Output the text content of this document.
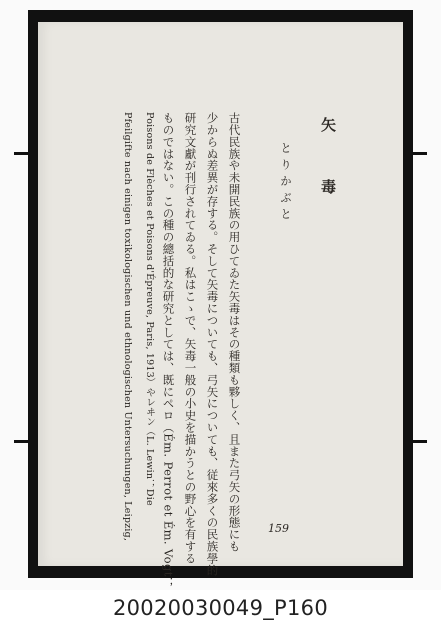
矢　毒
とりかぶと
古代民族や未開民族の用ひてゐた矢毒はその種類も夥しく、且また弓矢の形態にも
少からぬ差異が存する。そして矢毒についても、弓矢についても、従來多くの民族學的
研究文獻が刊行されてゐる。私はこゝで、矢毒一般の小史を描かうとの野心を有する
ものではない。この種の總括的な研究としては、既にペロ（Ém. Perrot et Ém. Vogt；
Poisons de Flèches et Poisons d'Épreuve, Paris, 1913）やレヰン（L. Lewin；Die
Pfeilgifte nach einigen toxikologischen und ethnologischen Untersuchungen, Leipzig,	159
20020030049_P160
